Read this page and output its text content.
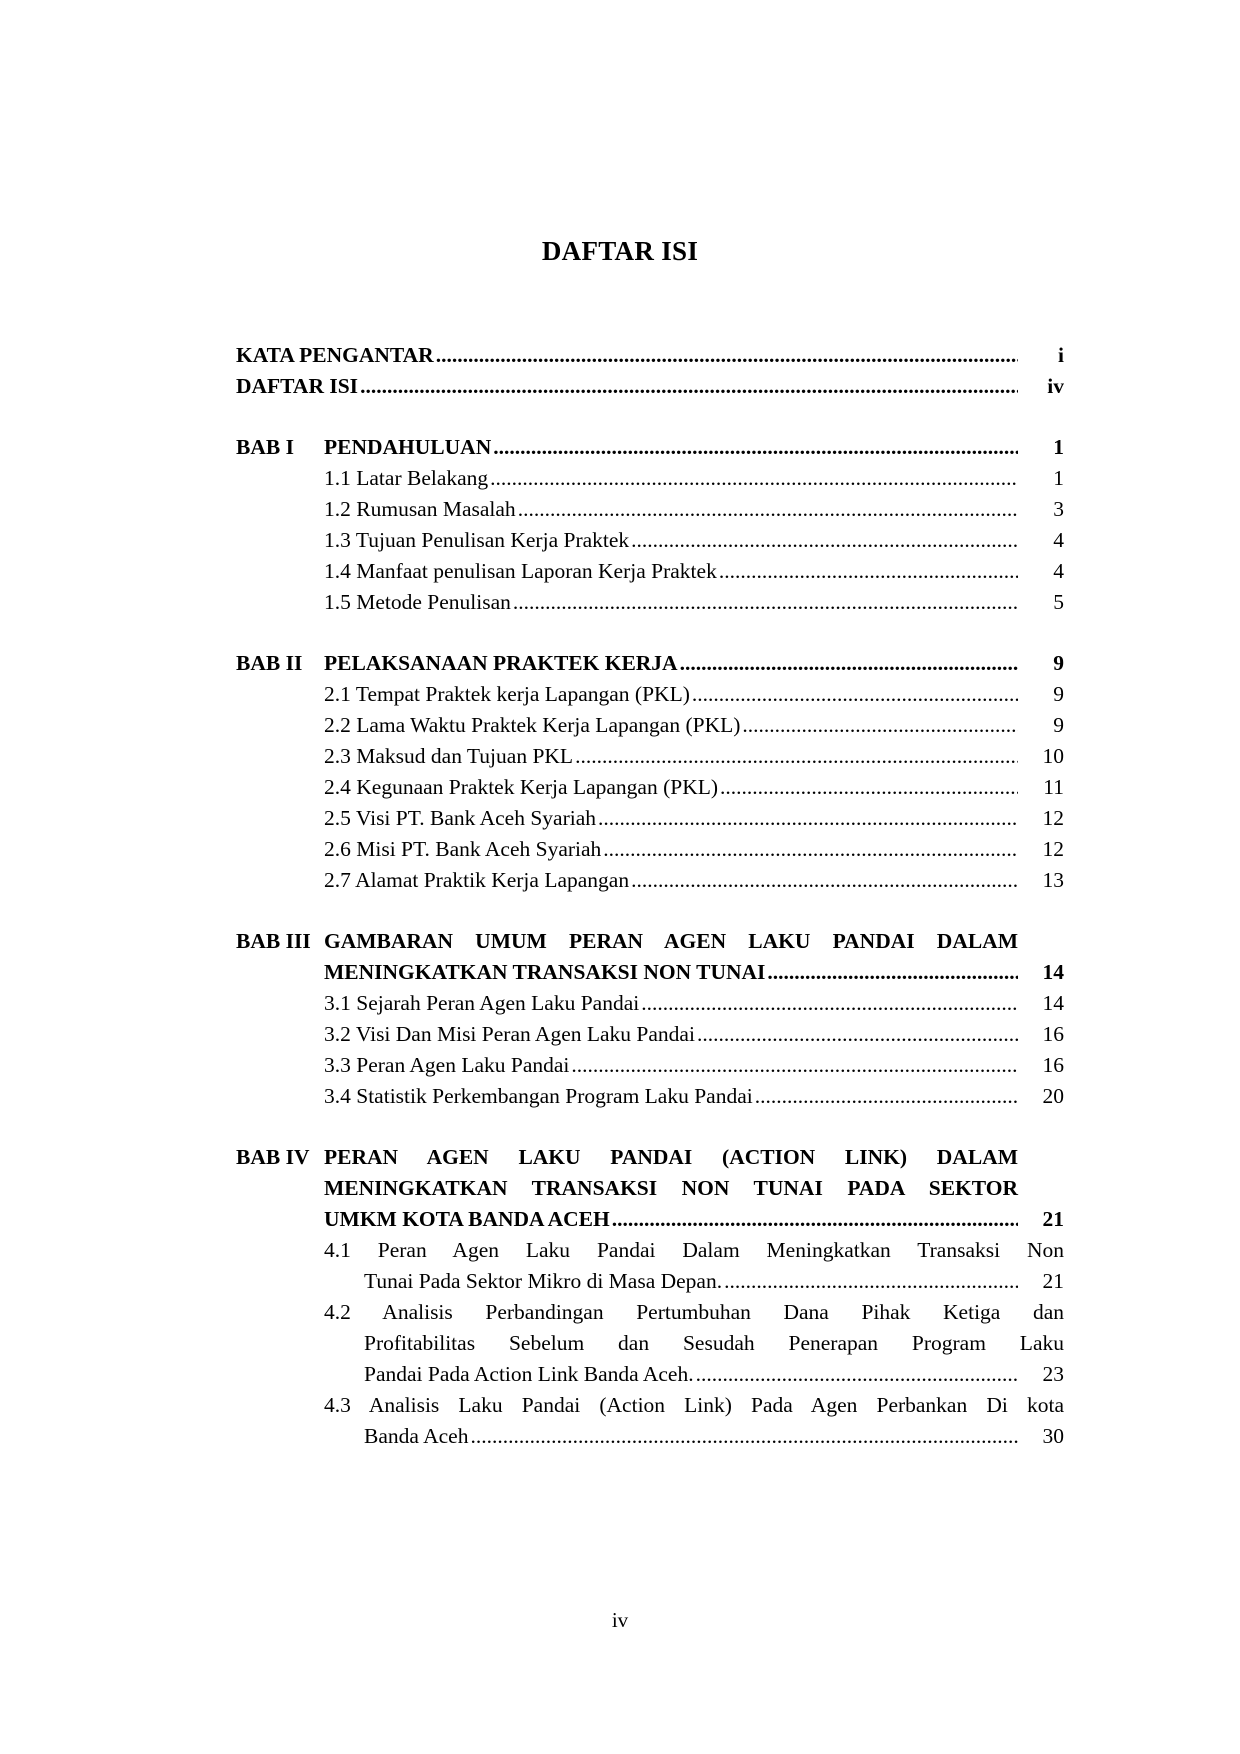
DAFTAR ISI
KATA PENGANTAR .....	i
DAFTAR ISI .....	iv
BAB I PENDAHULUAN .....	1
1.1 Latar Belakang .....	1
1.2 Rumusan Masalah .....	3
1.3 Tujuan Penulisan Kerja Praktek .....	4
1.4 Manfaat penulisan Laporan Kerja Praktek .....	4
1.5 Metode Penulisan .....	5
BAB II PELAKSANAAN PRAKTEK KERJA .....	9
2.1 Tempat Praktek kerja Lapangan (PKL) .....	9
2.2 Lama Waktu Praktek Kerja Lapangan (PKL) .....	9
2.3 Maksud dan Tujuan PKL .....	10
2.4 Kegunaan Praktek Kerja Lapangan (PKL) .....	11
2.5 Visi PT. Bank Aceh Syariah .....	12
2.6 Misi PT. Bank Aceh Syariah .....	12
2.7 Alamat Praktik Kerja Lapangan .....	13
BAB III GAMBARAN UMUM PERAN AGEN LAKU PANDAI DALAM
MENINGKATKAN TRANSAKSI NON TUNAI .....	14
3.1 Sejarah Peran Agen Laku Pandai .....	14
3.2 Visi Dan Misi Peran Agen Laku Pandai .....	16
3.3 Peran Agen Laku Pandai .....	16
3.4 Statistik Perkembangan Program Laku Pandai .....	20
BAB IV PERAN AGEN LAKU PANDAI (ACTION LINK) DALAM
MENINGKATKAN TRANSAKSI NON TUNAI PADA SEKTOR
UMKM KOTA BANDA ACEH .....	21
4.1 Peran Agen Laku Pandai Dalam Meningkatkan Transaksi Non
Tunai Pada Sektor Mikro di Masa Depan. .....	21
4.2 Analisis Perbandingan Pertumbuhan Dana Pihak Ketiga dan
Profitabilitas Sebelum dan Sesudah Penerapan Program Laku
Pandai Pada Action Link Banda Aceh. .....	23
4.3 Analisis Laku Pandai (Action Link) Pada Agen Perbankan Di kota
Banda Aceh .....	30
iv
